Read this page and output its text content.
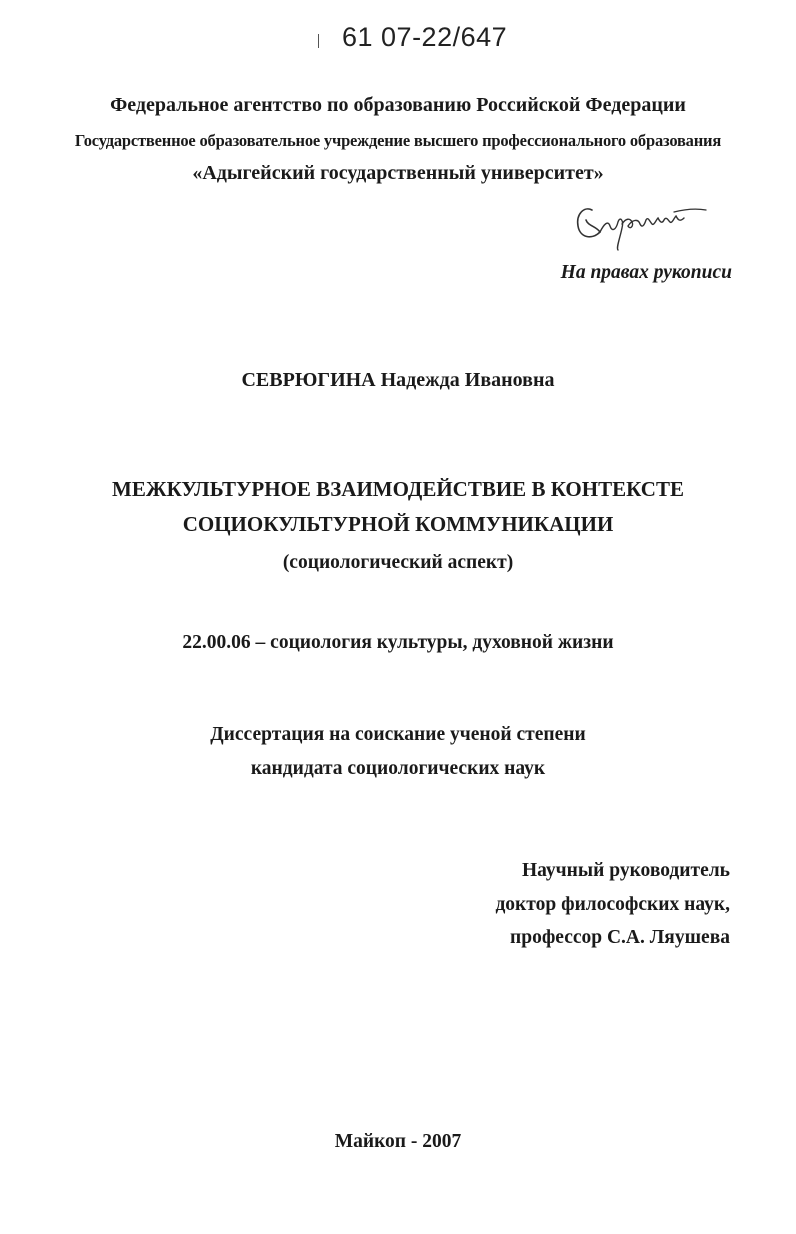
61 07-22/647

Федеральное агентство по образованию Российской Федерации

Государственное образовательное учреждение высшего профессионального образования

«Адыгейский государственный университет»

На правах рукописи

СЕВРЮГИНА Надежда Ивановна

МЕЖКУЛЬТУРНОЕ ВЗАИМОДЕЙСТВИЕ В КОНТЕКСТЕ

СОЦИОКУЛЬТУРНОЙ КОММУНИКАЦИИ

(социологический аспект)

22.00.06 – социология культуры, духовной жизни

Диссертация на соискание ученой степени

кандидата социологических наук

Научный руководитель

доктор философских наук,

профессор С.А. Ляушева

Майкоп - 2007
